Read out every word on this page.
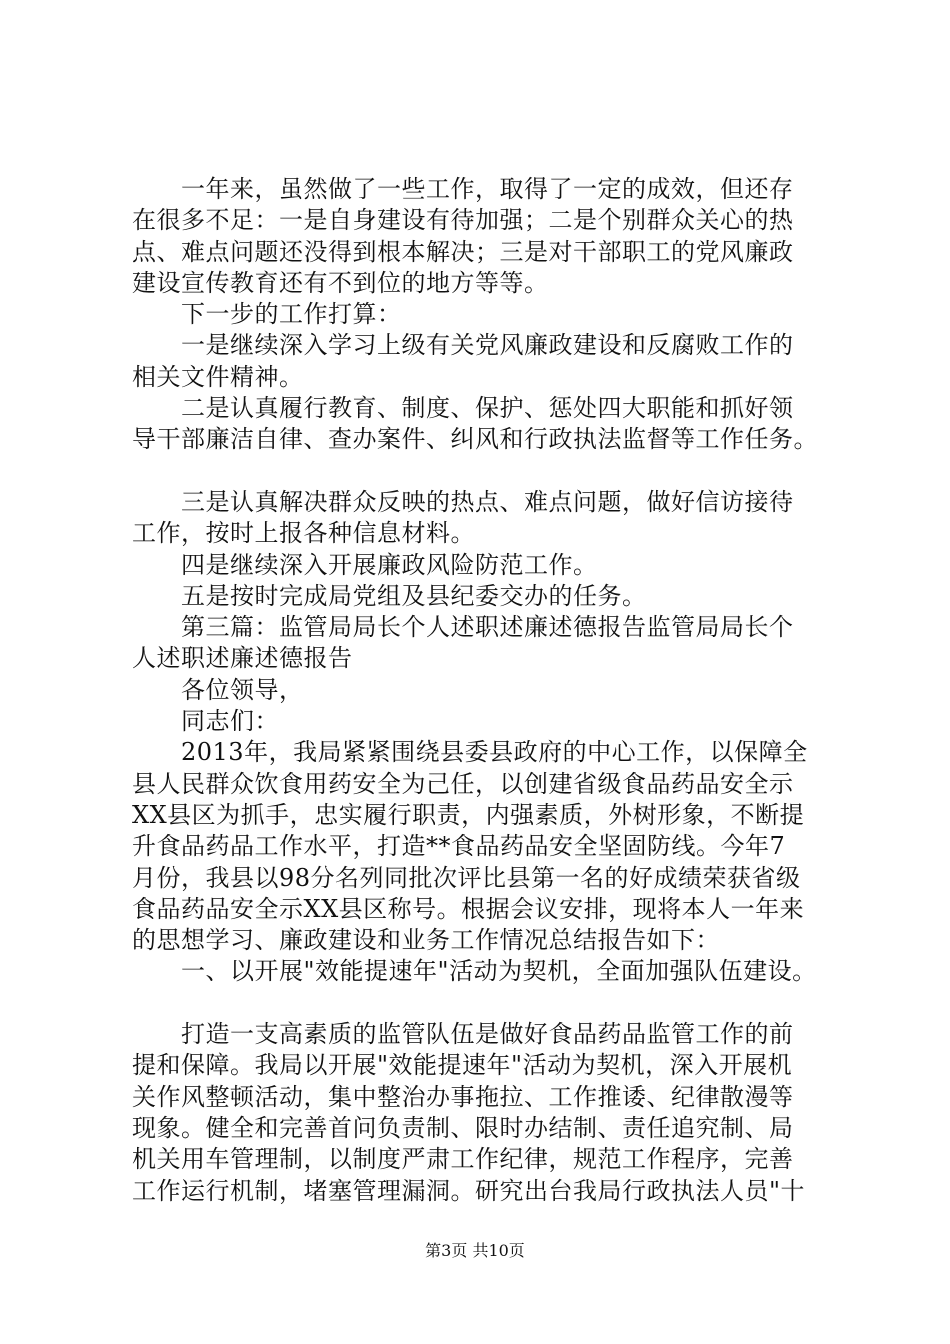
　　一年来，虽然做了一些工作，取得了一定的成效，但还存
在很多不足：一是自身建设有待加强；二是个别群众关心的热
点、难点问题还没得到根本解决；三是对干部职工的党风廉政
建设宣传教育还有不到位的地方等等。
　　下一步的工作打算：
　　一是继续深入学习上级有关党风廉政建设和反腐败工作的
相关文件精神。
　　二是认真履行教育、制度、保护、惩处四大职能和抓好领
导干部廉洁自律、查办案件、纠风和行政执法监督等工作任务。
　　三是认真解决群众反映的热点、难点问题，做好信访接待
工作，按时上报各种信息材料。
　　四是继续深入开展廉政风险防范工作。
　　五是按时完成局党组及县纪委交办的任务。
　　第三篇：监管局局长个人述职述廉述德报告监管局局长个
人述职述廉述德报告
　　各位领导，
　　同志们：
　　2013年，我局紧紧围绕县委县政府的中心工作，以保障全
县人民群众饮食用药安全为己任，以创建省级食品药品安全示
XX县区为抓手，忠实履行职责，内强素质，外树形象，不断提
升食品药品工作水平，打造**食品药品安全坚固防线。今年7
月份，我县以98分名列同批次评比县第一名的好成绩荣获省级
食品药品安全示XX县区称号。根据会议安排，现将本人一年来
的思想学习、廉政建设和业务工作情况总结报告如下：
　　一、以开展"效能提速年"活动为契机，全面加强队伍建设。
　　打造一支高素质的监管队伍是做好食品药品监管工作的前
提和保障。我局以开展"效能提速年"活动为契机，深入开展机
关作风整顿活动，集中整治办事拖拉、工作推诿、纪律散漫等
现象。健全和完善首问负责制、限时办结制、责任追究制、局
机关用车管理制，以制度严肃工作纪律，规范工作程序，完善
工作运行机制，堵塞管理漏洞。研究出台我局行政执法人员"十
第3页 共10页
